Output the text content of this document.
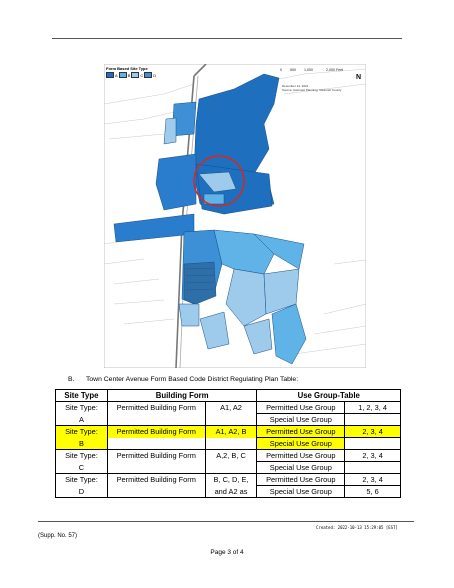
Form Based Site Type
A	B	C	D
0 500 1,000	2,000 Feet
December 14, 2021
Source: Gwinnett Planning, Gwinnett County
N
B. Town Center Avenue Form Based Code District Regulating Plan Table:
Site Type	Building Form		Use Group-Table	
Site Type:	Permitted Building Form	A1, A2	Permitted Use Group	1, 2, 3, 4
A			Special Use Group	
Site Type:	Permitted Building Form	A1, A2, B	Permitted Use Group	2, 3, 4
B			Special Use Group	
Site Type:	Permitted Building Form	A,2, B, C	Permitted Use Group	2, 3, 4
C			Special Use Group	
Site Type:	Permitted Building Form	B, C, D, E,	Permitted Use Group	2, 3, 4
D		and A2 as	Special Use Group	5, 6
Created: 2022-10-13 15:29:05 [EST]
(Supp. No. 57)
Page 3 of 4
